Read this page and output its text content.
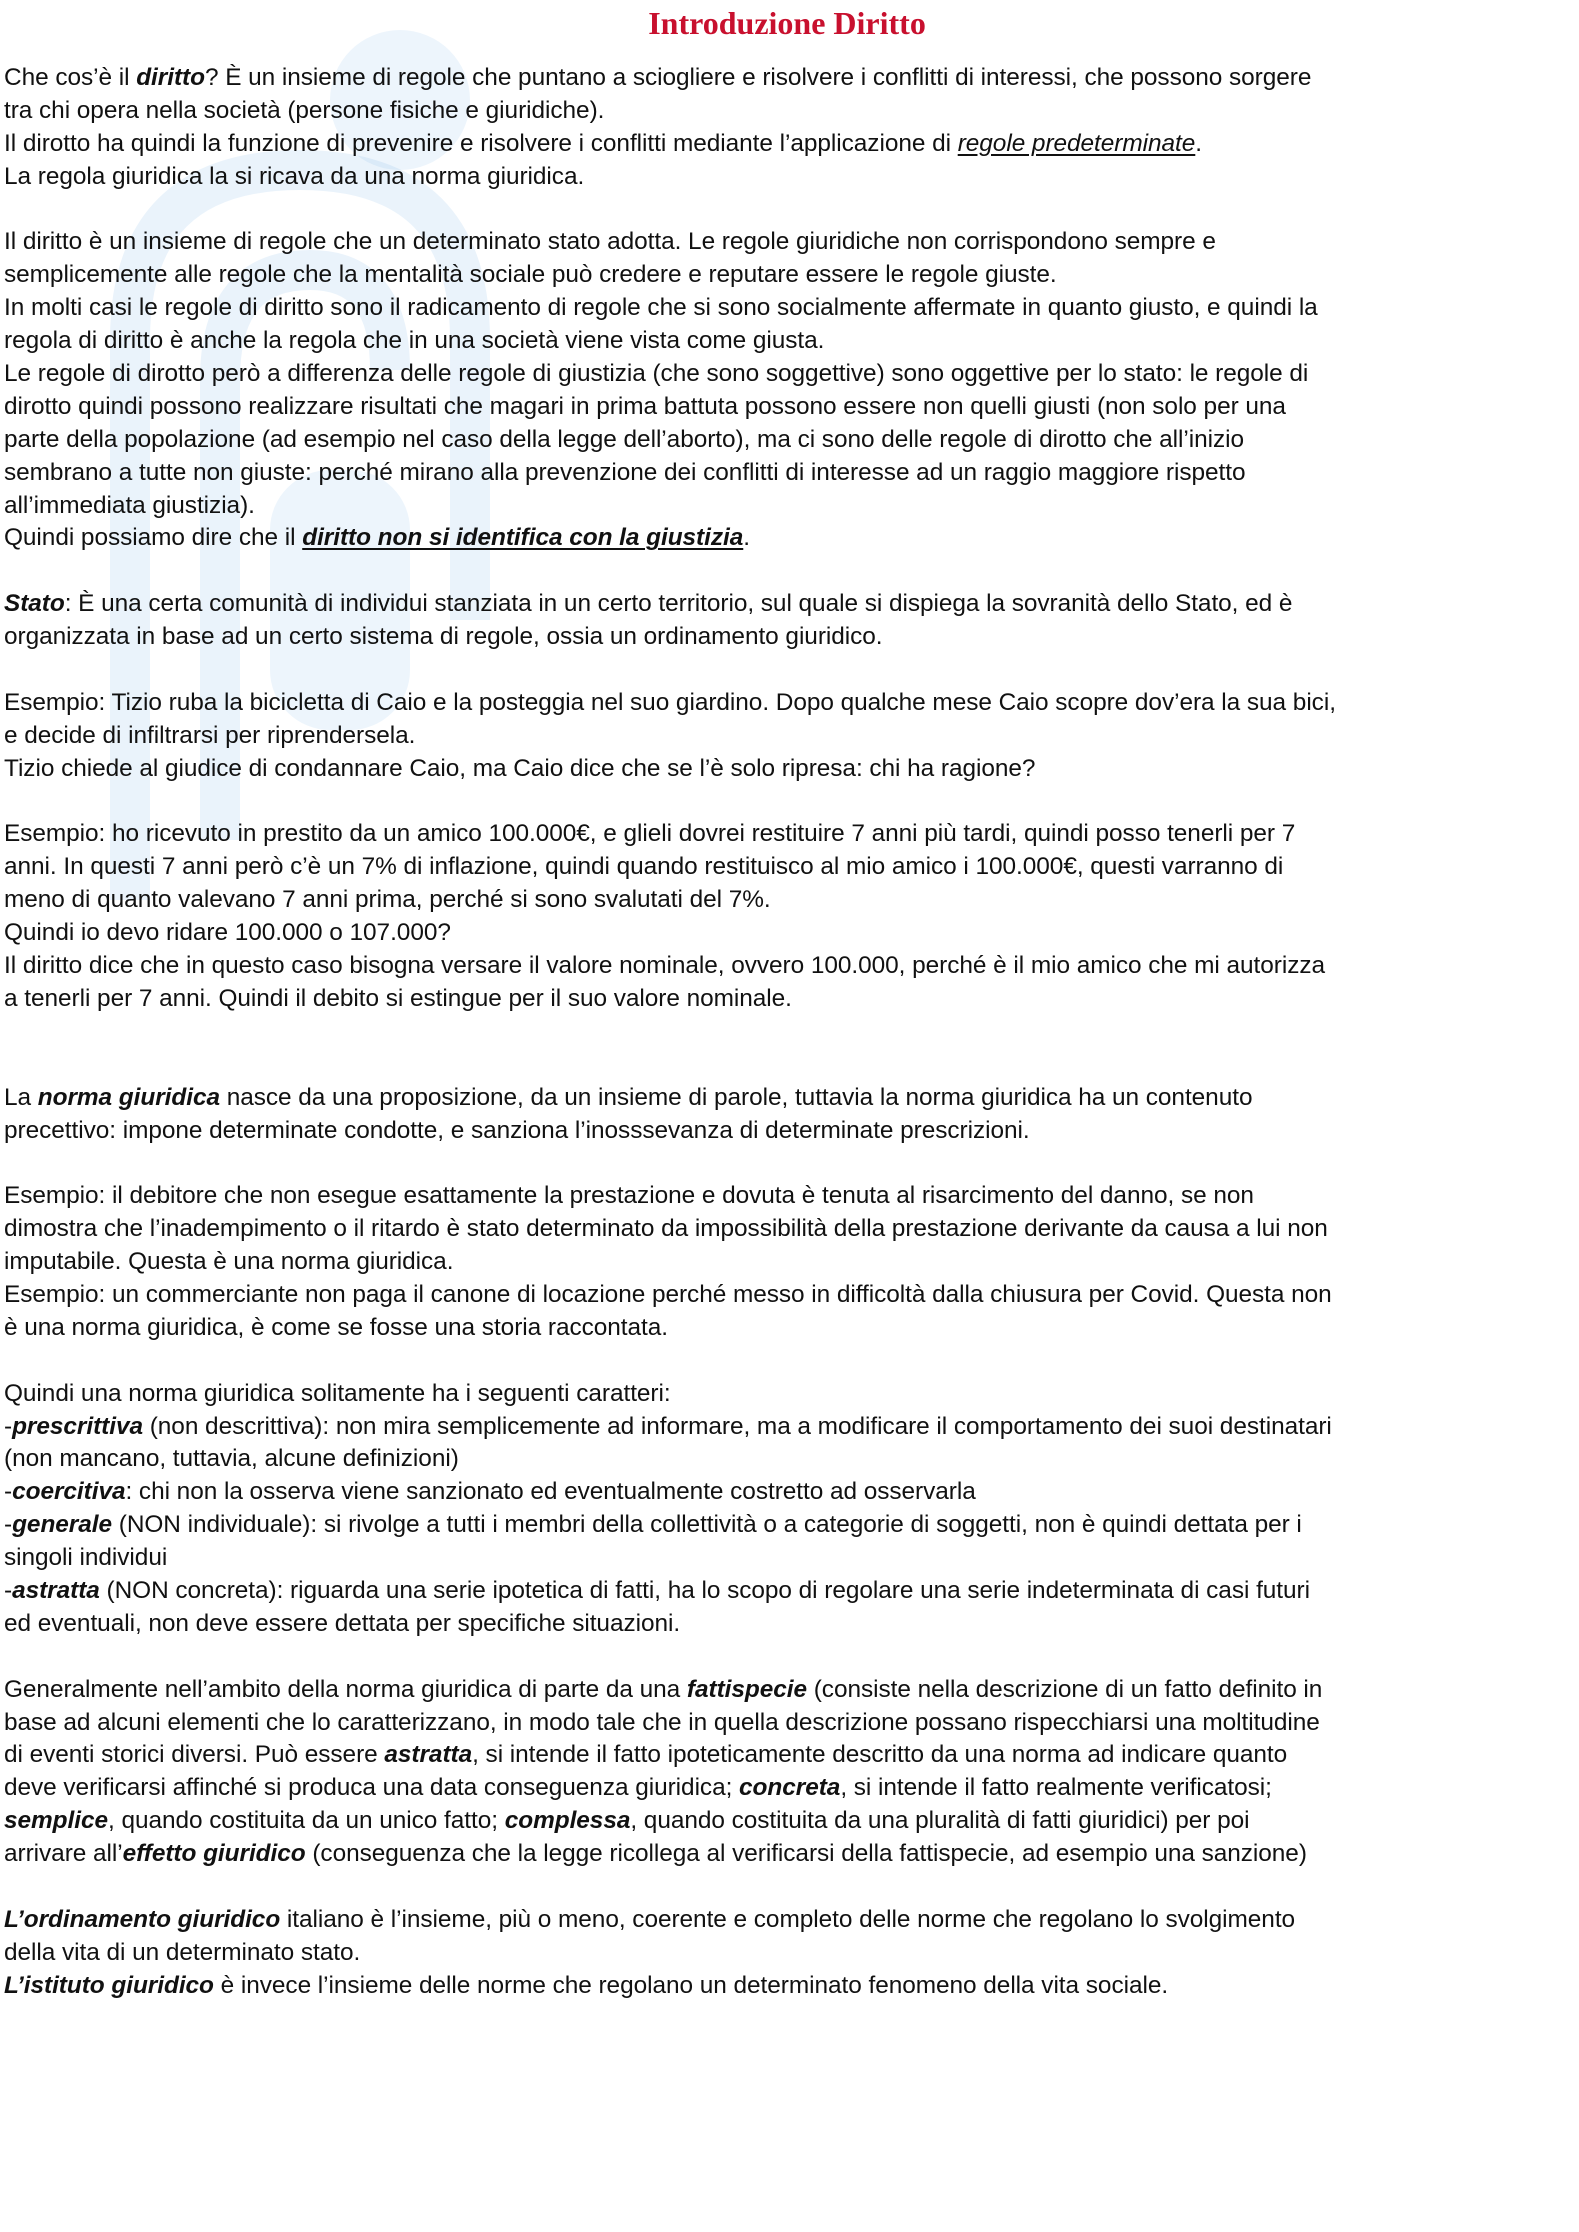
Introduzione Diritto
Che cos’è il diritto? È un insieme di regole che puntano a sciogliere e risolvere i conflitti di interessi, che possono sorgere
tra chi opera nella società (persone fisiche e giuridiche).
Il dirotto ha quindi la funzione di prevenire e risolvere i conflitti mediante l’applicazione di regole predeterminate.
La regola giuridica la si ricava da una norma giuridica.
Il diritto è un insieme di regole che un determinato stato adotta. Le regole giuridiche non corrispondono sempre e
semplicemente alle regole che la mentalità sociale può credere e reputare essere le regole giuste.
In molti casi le regole di diritto sono il radicamento di regole che si sono socialmente affermate in quanto giusto, e quindi la
regola di diritto è anche la regola che in una società viene vista come giusta.
Le regole di dirotto però a differenza delle regole di giustizia (che sono soggettive) sono oggettive per lo stato: le regole di
dirotto quindi possono realizzare risultati che magari in prima battuta possono essere non quelli giusti (non solo per una
parte della popolazione (ad esempio nel caso della legge dell’aborto), ma ci sono delle regole di dirotto che all’inizio
sembrano a tutte non giuste: perché mirano alla prevenzione dei conflitti di interesse ad un raggio maggiore rispetto
all’immediata giustizia).
Quindi possiamo dire che il diritto non si identifica con la giustizia.
Stato: È una certa comunità di individui stanziata in un certo territorio, sul quale si dispiega la sovranità dello Stato, ed è
organizzata in base ad un certo sistema di regole, ossia un ordinamento giuridico.
Esempio: Tizio ruba la bicicletta di Caio e la posteggia nel suo giardino. Dopo qualche mese Caio scopre dov’era la sua bici,
e decide di infiltrarsi per riprendersela.
Tizio chiede al giudice di condannare Caio, ma Caio dice che se l’è solo ripresa: chi ha ragione?
Esempio: ho ricevuto in prestito da un amico 100.000€, e glieli dovrei restituire 7 anni più tardi, quindi posso tenerli per 7
anni. In questi 7 anni però c’è un 7% di inflazione, quindi quando restituisco al mio amico i 100.000€, questi varranno di
meno di quanto valevano 7 anni prima, perché si sono svalutati del 7%.
Quindi io devo ridare 100.000 o 107.000?
Il diritto dice che in questo caso bisogna versare il valore nominale, ovvero 100.000, perché è il mio amico che mi autorizza
a tenerli per 7 anni. Quindi il debito si estingue per il suo valore nominale.
La norma giuridica nasce da una proposizione, da un insieme di parole, tuttavia la norma giuridica ha un contenuto
precettivo: impone determinate condotte, e sanziona l’inosssevanza di determinate prescrizioni.
Esempio: il debitore che non esegue esattamente la prestazione e dovuta è tenuta al risarcimento del danno, se non
dimostra che l’inadempimento o il ritardo è stato determinato da impossibilità della prestazione derivante da causa a lui non
imputabile. Questa è una norma giuridica.
Esempio: un commerciante non paga il canone di locazione perché messo in difficoltà dalla chiusura per Covid. Questa non
è una norma giuridica, è come se fosse una storia raccontata.
Quindi una norma giuridica solitamente ha i seguenti caratteri:
-prescrittiva (non descrittiva): non mira semplicemente ad informare, ma a modificare il comportamento dei suoi destinatari
(non mancano, tuttavia, alcune definizioni)
-coercitiva: chi non la osserva viene sanzionato ed eventualmente costretto ad osservarla
-generale (NON individuale): si rivolge a tutti i membri della collettività o a categorie di soggetti, non è quindi dettata per i
singoli individui
-astratta (NON concreta): riguarda una serie ipotetica di fatti, ha lo scopo di regolare una serie indeterminata di casi futuri
ed eventuali, non deve essere dettata per specifiche situazioni.
Generalmente nell’ambito della norma giuridica di parte da una fattispecie (consiste nella descrizione di un fatto definito in
base ad alcuni elementi che lo caratterizzano, in modo tale che in quella descrizione possano rispecchiarsi una moltitudine
di eventi storici diversi. Può essere astratta, si intende il fatto ipoteticamente descritto da una norma ad indicare quanto
deve verificarsi affinché si produca una data conseguenza giuridica; concreta, si intende il fatto realmente verificatosi;
semplice, quando costituita da un unico fatto; complessa, quando costituita da una pluralità di fatti giuridici) per poi
arrivare all’effetto giuridico (conseguenza che la legge ricollega al verificarsi della fattispecie, ad esempio una sanzione)
L’ordinamento giuridico italiano è l’insieme, più o meno, coerente e completo delle norme che regolano lo svolgimento
della vita di un determinato stato.
L’istituto giuridico è invece l’insieme delle norme che regolano un determinato fenomeno della vita sociale.
